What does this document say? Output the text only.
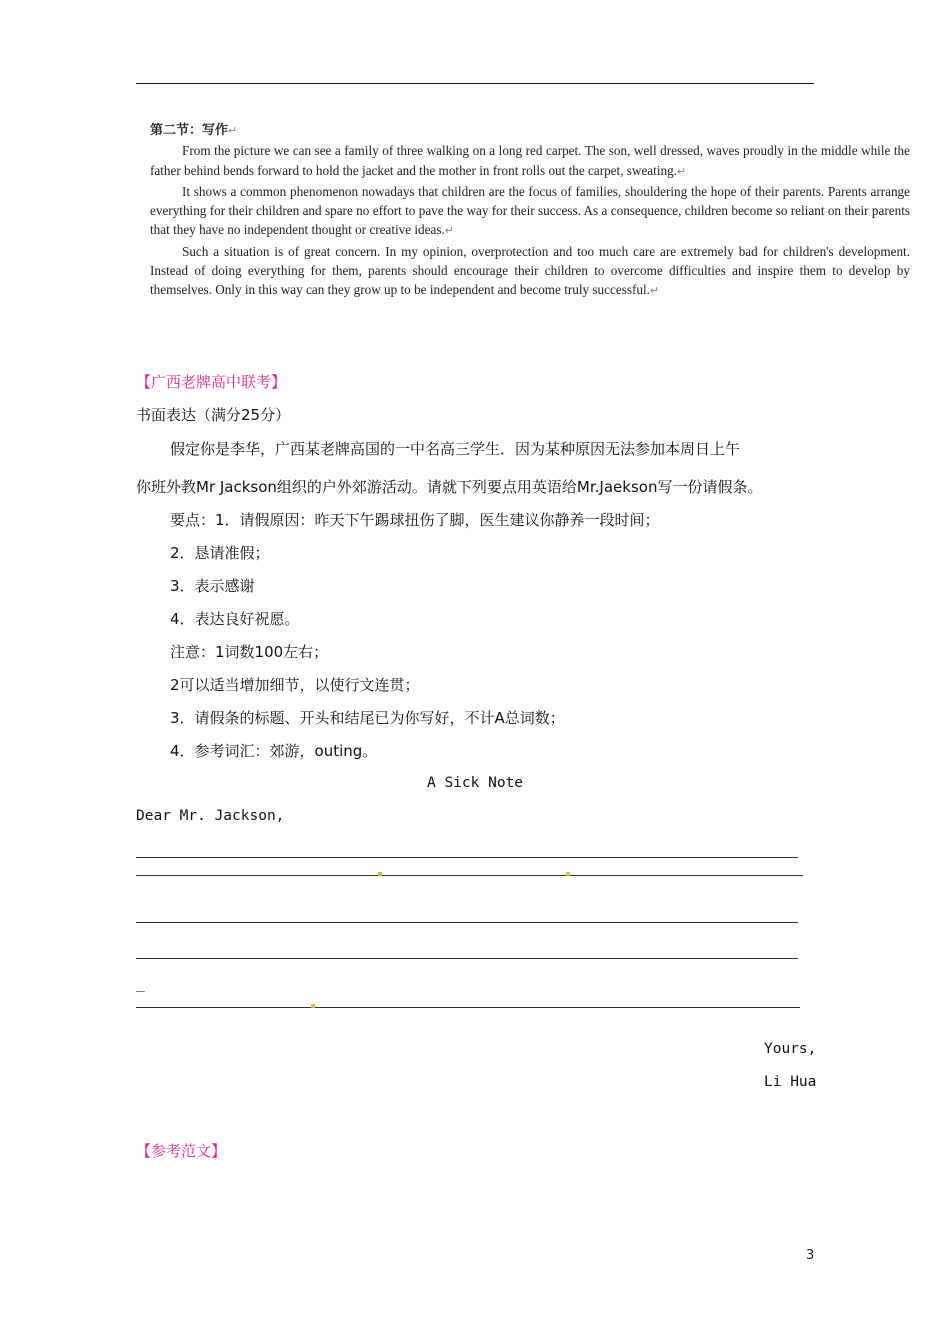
第二节：写作↵

From the picture we can see a family of three walking on a long red carpet. The son, well dressed, waves proudly in the middle while the father behind bends forward to hold the jacket and the mother in front rolls out the carpet, sweating.↵

It shows a common phenomenon nowadays that children are the focus of families, shouldering the hope of their parents. Parents arrange everything for their children and spare no effort to pave the way for their success. As a consequence, children become so reliant on their parents that they have no independent thought or creative ideas.↵

Such a situation is of great concern. In my opinion, overprotection and too much care are extremely bad for children's development. Instead of doing everything for them, parents should encourage their children to overcome difficulties and inspire them to develop by themselves. Only in this way can they grow up to be independent and become truly successful.↵

【广西老牌高中联考】
书面表达（满分25分）
假定你是李华，广西某老牌高国的一中名高三学生．因为某种原因无法参加本周日上午
你班外教Mr Jackson组织的户外郊游活动。请就下列要点用英语给Mr.Jaekson写一份请假条。
要点：1．请假原因：昨天下午踢球扭伤了脚，医生建议你静养一段时间；
2．恳请准假；
3．表示感谢
4．表达良好祝愿。
注意：1词数100左右；
2可以适当增加细节，以使行文连贯；
3．请假条的标题、开头和结尾已为你写好，不计A总词数；
4．参考词汇：郊游，outing。
A Sick Note
Dear Mr. Jackson,
_
Yours,
Li Hua
【参考范文】
3
